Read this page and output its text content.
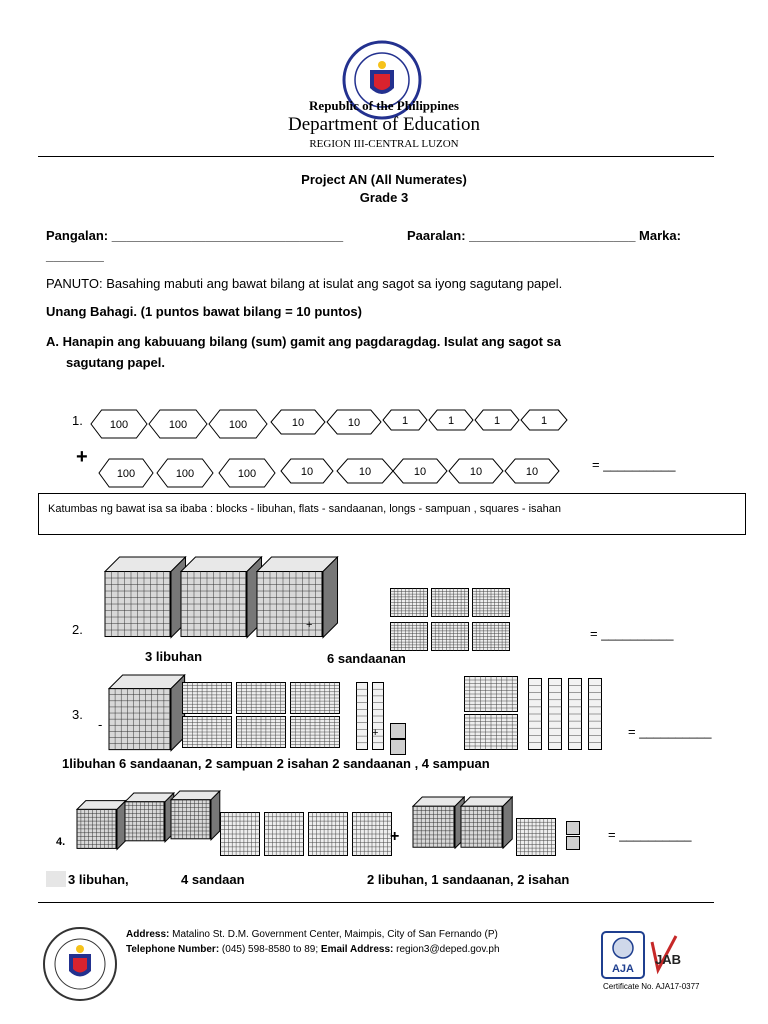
Republic of the Philippines
Department of Education
REGION III-CENTRAL LUZON
Project AN (All Numerates)
Grade 3
Pangalan: ________________________________	Paaralan: _______________________ Marka:
________
PANUTO: Basahing mabuti ang bawat bilang at isulat ang sagot sa iyong sagutang papel.
Unang Bahagi. (1 puntos bawat bilang = 10 puntos)
A. Hanapin ang kabuuang bilang (sum) gamit ang pagdaragdag. Isulat ang sagot sa
sagutang papel.
1.
+
100	100	100	10	10	1	1	1	1
100	100	100	10	10	10	10	10	= __________
Katumbas ng bawat isa sa ibaba : blocks - libuhan, flats - sandaanan, longs - sampuan , squares - isahan
2.	+
3 libuhan	6 sandaanan
= __________
3.
-
+
1libuhan 6 sandaanan, 2 sampuan 2 isahan 2 sandaanan , 4 sampuan
= __________
4.	+	= __________
3 libuhan,	4 sandaan	2 libuhan, 1 sandaanan, 2 isahan
Address: Matalino St. D.M. Government Center, Maimpis, City of San Fernando (P)
Telephone Number: (045) 598-8580 to 89; Email Address: region3@deped.gov.ph
AJA
JAB
Certificate No. AJA17-0377
